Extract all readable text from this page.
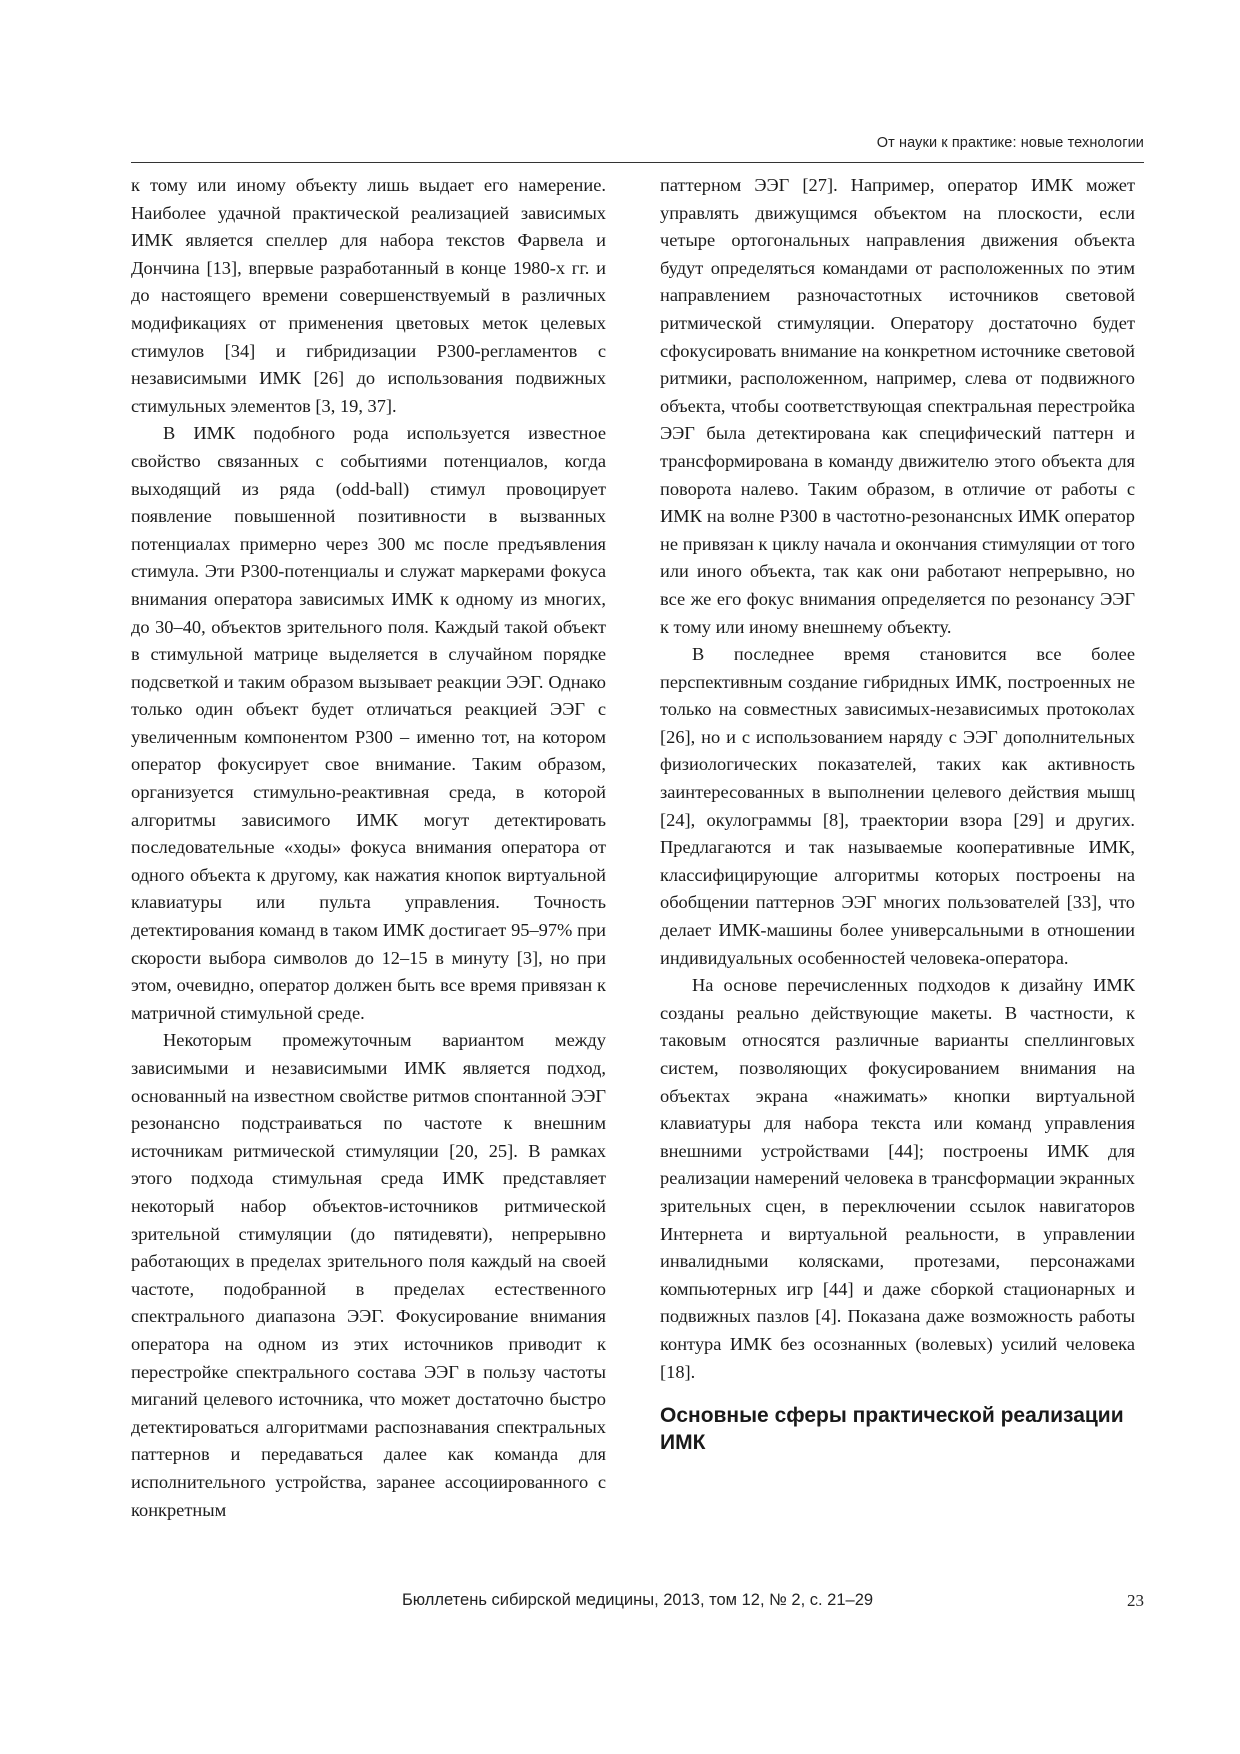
От науки к практике: новые технологии

к тому или иному объекту лишь выдает его намерение. Наиболее удачной практической реализацией зависимых ИМК является спеллер для набора текстов Фарвела и Дончина [13], впервые разработанный в конце 1980-х гг. и до настоящего времени совершенствуемый в различных модификациях от применения цветовых меток целевых стимулов [34] и гибридизации P300-регламентов с независимыми ИМК [26] до использования подвижных стимульных элементов [3, 19, 37].

В ИМК подобного рода используется известное свойство связанных с событиями потенциалов, когда выходящий из ряда (odd-ball) стимул провоцирует появление повышенной позитивности в вызванных потенциалах примерно через 300 мс после предъявления стимула. Эти P300-потенциалы и служат маркерами фокуса внимания оператора зависимых ИМК к одному из многих, до 30–40, объектов зрительного поля. Каждый такой объект в стимульной матрице выделяется в случайном порядке подсветкой и таким образом вызывает реакции ЭЭГ. Однако только один объект будет отличаться реакцией ЭЭГ с увеличенным компонентом P300 – именно тот, на котором оператор фокусирует свое внимание. Таким образом, организуется стимульно-реактивная среда, в которой алгоритмы зависимого ИМК могут детектировать последовательные «ходы» фокуса внимания оператора от одного объекта к другому, как нажатия кнопок виртуальной клавиатуры или пульта управления. Точность детектирования команд в таком ИМК достигает 95–97% при скорости выбора символов до 12–15 в минуту [3], но при этом, очевидно, оператор должен быть все время привязан к матричной стимульной среде.

Некоторым промежуточным вариантом между зависимыми и независимыми ИМК является подход, основанный на известном свойстве ритмов спонтанной ЭЭГ резонансно подстраиваться по частоте к внешним источникам ритмической стимуляции [20, 25]. В рамках этого подхода стимульная среда ИМК представляет некоторый набор объектов-источников ритмической зрительной стимуляции (до пятидевяти), непрерывно работающих в пределах зрительного поля каждый на своей частоте, подобранной в пределах естественного спектрального диапазона ЭЭГ. Фокусирование внимания оператора на одном из этих источников приводит к перестройке спектрального состава ЭЭГ в пользу частоты миганий целевого источника, что может достаточно быстро детектироваться алгоритмами распознавания спектральных паттернов и передаваться далее как команда для исполнительного устройства, заранее ассоциированного с конкретным

паттерном ЭЭГ [27]. Например, оператор ИМК может управлять движущимся объектом на плоскости, если четыре ортогональных направления движения объекта будут определяться командами от расположенных по этим направлением разночастотных источников световой ритмической стимуляции. Оператору достаточно будет сфокусировать внимание на конкретном источнике световой ритмики, расположенном, например, слева от подвижного объекта, чтобы соответствующая спектральная перестройка ЭЭГ была детектирована как специфический паттерн и трансформирована в команду движителю этого объекта для поворота налево. Таким образом, в отличие от работы с ИМК на волне P300 в частотно-резонансных ИМК оператор не привязан к циклу начала и окончания стимуляции от того или иного объекта, так как они работают непрерывно, но все же его фокус внимания определяется по резонансу ЭЭГ к тому или иному внешнему объекту.

В последнее время становится все более перспективным создание гибридных ИМК, построенных не только на совместных зависимых-независимых протоколах [26], но и с использованием наряду с ЭЭГ дополнительных физиологических показателей, таких как активность заинтересованных в выполнении целевого действия мышц [24], окулограммы [8], траектории взора [29] и других. Предлагаются и так называемые кооперативные ИМК, классифицирующие алгоритмы которых построены на обобщении паттернов ЭЭГ многих пользователей [33], что делает ИМК-машины более универсальными в отношении индивидуальных особенностей человека-оператора.

На основе перечисленных подходов к дизайну ИМК созданы реально действующие макеты. В частности, к таковым относятся различные варианты спеллинговых систем, позволяющих фокусированием внимания на объектах экрана «нажимать» кнопки виртуальной клавиатуры для набора текста или команд управления внешними устройствами [44]; построены ИМК для реализации намерений человека в трансформации экранных зрительных сцен, в переключении ссылок навигаторов Интернета и виртуальной реальности, в управлении инвалидными колясками, протезами, персонажами компьютерных игр [44] и даже сборкой стационарных и подвижных пазлов [4]. Показана даже возможность работы контура ИМК без осознанных (волевых) усилий человека [18].

Основные сферы практической реализации ИМК
Бюллетень сибирской медицины, 2013, том 12, № 2, с. 21–29	23
